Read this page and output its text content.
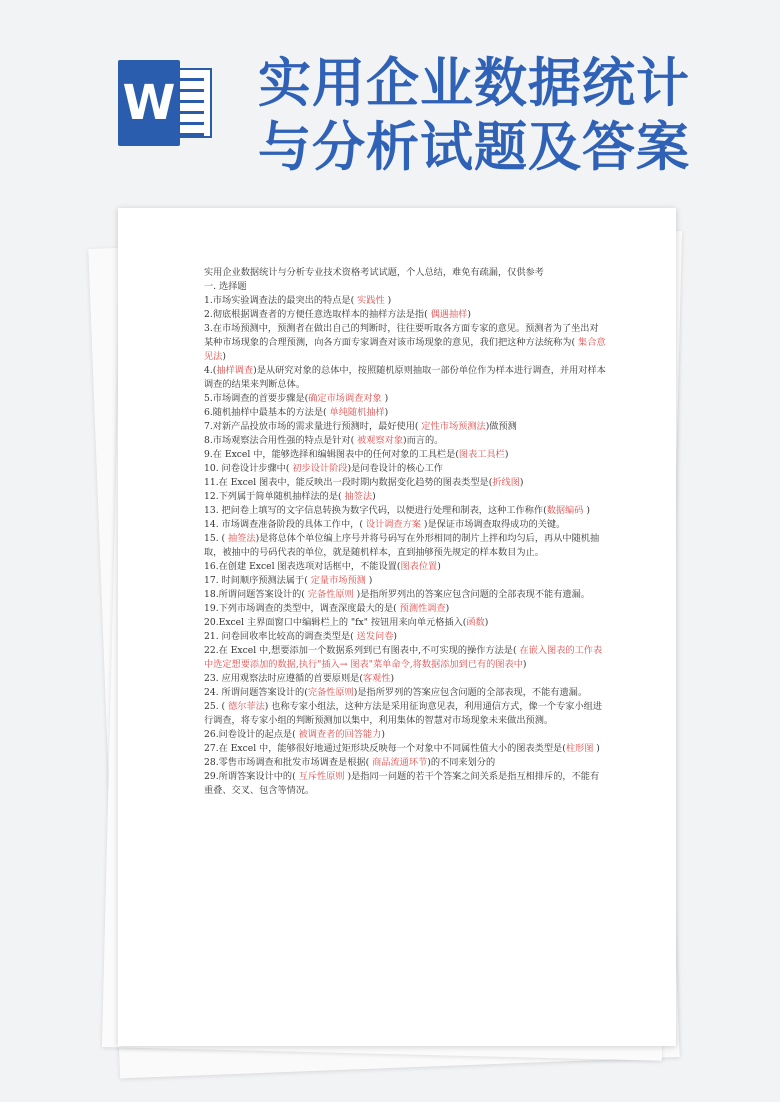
W 实用企业数据统计
与分析试题及答案

实用企业数据统计与分析专业技术资格考试试题，个人总结，难免有疏漏，仅供参考

一. 选择题

1.市场实验调查法的最突出的特点是( 实践性 )

2.彻底根据调查者的方便任意选取样本的抽样方法是指( 偶遇抽样)

3.在市场预测中，预测者在做出自己的判断时，往往要听取各方面专家的意见。预测者为了坐出对某种市场现象的合理预测，向各方面专家调查对该市场现象的意见，我们把这种方法统称为( 集合意见法)

4.(抽样调查)是从研究对象的总体中，按照随机原则抽取一部份单位作为样本进行调查，并用对样本调查的结果来判断总体。

5.市场调查的首要步骤是(确定市场调查对象 )

6.随机抽样中最基本的方法是( 单纯随机抽样)

7.对新产品投放市场的需求量进行预测时，最好使用( 定性市场预测法)做预测

8.市场观察法合用性强的特点是针对( 被观察对象)而言的。

9.在 Excel 中，能够选择和编辑图表中的任何对象的工具栏是(图表工具栏)

10. 问卷设计步骤中( 初步设计阶段)是问卷设计的核心工作

11.在 Excel 图表中，能反映出一段时期内数据变化趋势的图表类型是(折线图)

12.下列属于简单随机抽样法的是( 抽签法)

13. 把问卷上填写的文字信息转换为数字代码，以便进行处理和制表，这种工作称作(数据编码 )

14. 市场调查准备阶段的具体工作中，( 设计调查方案 )是保证市场调查取得成功的关键。

15. ( 抽签法)是将总体个单位编上序号并将号码写在外形相同的制片上拌和均匀后，再从中随机抽取，被抽中的号码代表的单位，就是随机样本，直到抽够预先规定的样本数目为止。

16.在创建 Excel 图表选项对话框中，不能设置(图表位置)

17. 时间顺序预测法属于( 定量市场预测 )

18.所谓问题答案设计的( 完备性原则 )是指所罗列出的答案应包含问题的全部表现不能有遗漏。

19.下列市场调查的类型中，调查深度最大的是( 预测性调查)

20.Excel 主界面窗口中编辑栏上的 "fx" 按钮用来向单元格插入(函数)

21. 问卷回收率比较高的调查类型是( 送发问卷)

22.在 Excel 中,想要添加一个数据系列到已有图表中,不可实现的操作方法是( 在嵌入图表的工作表中选定想要添加的数据,执行"插入→ 图表"菜单命令,将数据添加到已有的图表中)

23. 应用观察法时应遵循的首要原则是(客观性)

24. 所谓问题答案设计的(完备性原则)是指所罗列的答案应包含问题的全部表现，不能有遗漏。

25. ( 德尔菲法) 也称专家小组法，这种方法是采用征询意见表，利用通信方式，像一个专家小组进行调查，将专家小组的判断预测加以集中，利用集体的智慧对市场现象未来做出预测。

26.问卷设计的起点是( 被调查者的回答能力)

27.在 Excel 中，能够很好地通过矩形块反映每一个对象中不同属性值大小的图表类型是(柱形图 )

28.零售市场调查和批发市场调查是根据( 商品流通环节)的不同来划分的

29.所谓答案设计中的( 互斥性原则 )是指同一问题的若干个答案之间关系是指互相排斥的，不能有重叠、交叉、包含等情况。
